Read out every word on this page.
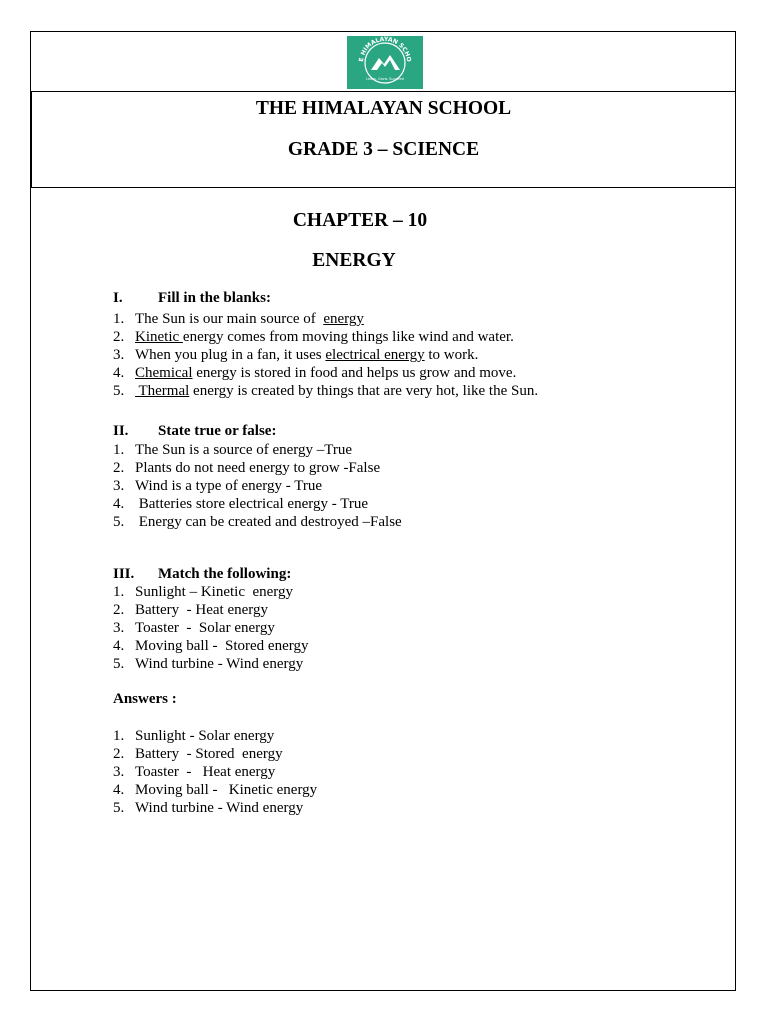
E HIMALAYAN SCHO
Learn. Grow. Succeed
THE HIMALAYAN SCHOOL
GRADE 3 – SCIENCE
CHAPTER – 10
ENERGY
I. Fill in the blanks:
1. The Sun is our main source of  energy
2. Kinetic energy comes from moving things like wind and water.
3. When you plug in a fan, it uses electrical energy to work.
4. Chemical energy is stored in food and helps us grow and move.
5. Thermal energy is created by things that are very hot, like the Sun.
II. State true or false:
1. The Sun is a source of energy –True
2. Plants do not need energy to grow -False
3. Wind is a type of energy - True
4. Batteries store electrical energy - True
5. Energy can be created and destroyed –False
III. Match the following:
1. Sunlight – Kinetic  energy
2. Battery  - Heat energy
3. Toaster  -  Solar energy
4. Moving ball -  Stored energy
5. Wind turbine - Wind energy
Answers :
1. Sunlight - Solar energy
2. Battery  - Stored  energy
3. Toaster  -   Heat energy
4. Moving ball -   Kinetic energy
5. Wind turbine - Wind energy
